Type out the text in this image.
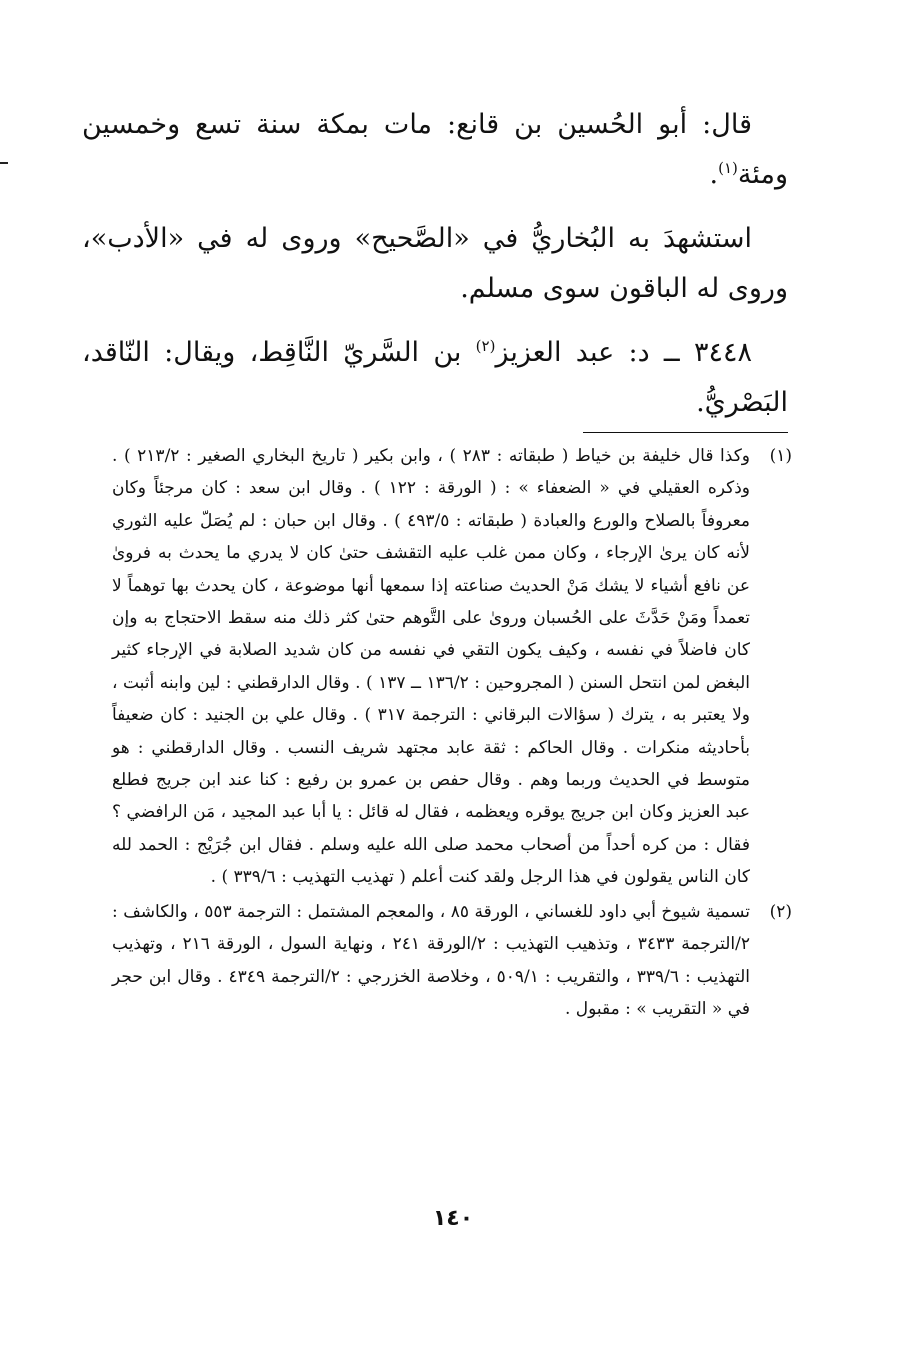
قال: أبو الحُسين بن قانع: مات بمكة سنة تسع وخمسين ومئة$^{(١)}$.

استشهدَ به البُخاريُّ في «الصَّحيح» وروى له في «الأدب»، وروى له الباقون سوى مسلم.

٣٤٤٨ ــ د: عبد العزيز$^{(٢)}$ بن السَّريّ النَّاقِط، ويقال: النّاقد، البَصْريُّ.

(١)
وكذا قال خليفة بن خياط ( طبقاته : ٢٨٣ ) ، وابن بكير ( تاريخ البخاري الصغير : ٢١٣/٢ ) . وذكره العقيلي في « الضعفاء » : ( الورقة : ١٢٢ ) . وقال ابن سعد : كان مرجئاً وكان معروفاً بالصلاح والورع والعبادة ( طبقاته : ٤٩٣/٥ ) . وقال ابن حبان : لم يُصَلّ عليه الثوري لأنه كان يرىٰ الإرجاء ، وكان ممن غلب عليه التقشف حتىٰ كان لا يدري ما يحدث به فروىٰ عن نافع أشياء لا يشك مَنْ الحديث صناعته إذا سمعها أنها موضوعة ، كان يحدث بها توهماً لا تعمداً ومَنْ حَدَّثَ على الحُسبان وروىٰ على التَّوهم حتىٰ كثر ذلك منه سقط الاحتجاج به وإن كان فاضلاً في نفسه ، وكيف يكون التقي في نفسه من كان شديد الصلابة في الإرجاء كثير البغض لمن انتحل السنن ( المجروحين : ١٣٦/٢ ــ ١٣٧ ) . وقال الدارقطني : لين وابنه أثبت ، ولا يعتبر به ، يترك ( سؤالات البرقاني : الترجمة ٣١٧ ) . وقال علي بن الجنيد : كان ضعيفاً بأحاديثه منكرات . وقال الحاكم : ثقة عابد مجتهد شريف النسب . وقال الدارقطني : هو متوسط في الحديث وربما وهم . وقال حفص بن عمرو بن رفيع : كنا عند ابن جريج فطلع عبد العزيز وكان ابن جريج يوقره ويعظمه ، فقال له قائل : يا أبا عبد المجيد ، مَن الرافضي ؟ فقال : من كره أحداً من أصحاب محمد صلى الله عليه وسلم . فقال ابن جُرَيْج : الحمد لله كان الناس يقولون في هذا الرجل ولقد كنت أعلم ( تهذيب التهذيب : ٣٣٩/٦ ) .
(٢)
تسمية شيوخ أبي داود للغساني ، الورقة ٨٥ ، والمعجم المشتمل : الترجمة ٥٥٣ ، والكاشف : ٢/الترجمة ٣٤٣٣ ، وتذهيب التهذيب : ٢/الورقة ٢٤١ ، ونهاية السول ، الورقة ٢١٦ ، وتهذيب التهذيب : ٣٣٩/٦ ، والتقريب : ٥٠٩/١ ، وخلاصة الخزرجي : ٢/الترجمة ٤٣٤٩ . وقال ابن حجر في « التقريب » : مقبول .
١٤٠
